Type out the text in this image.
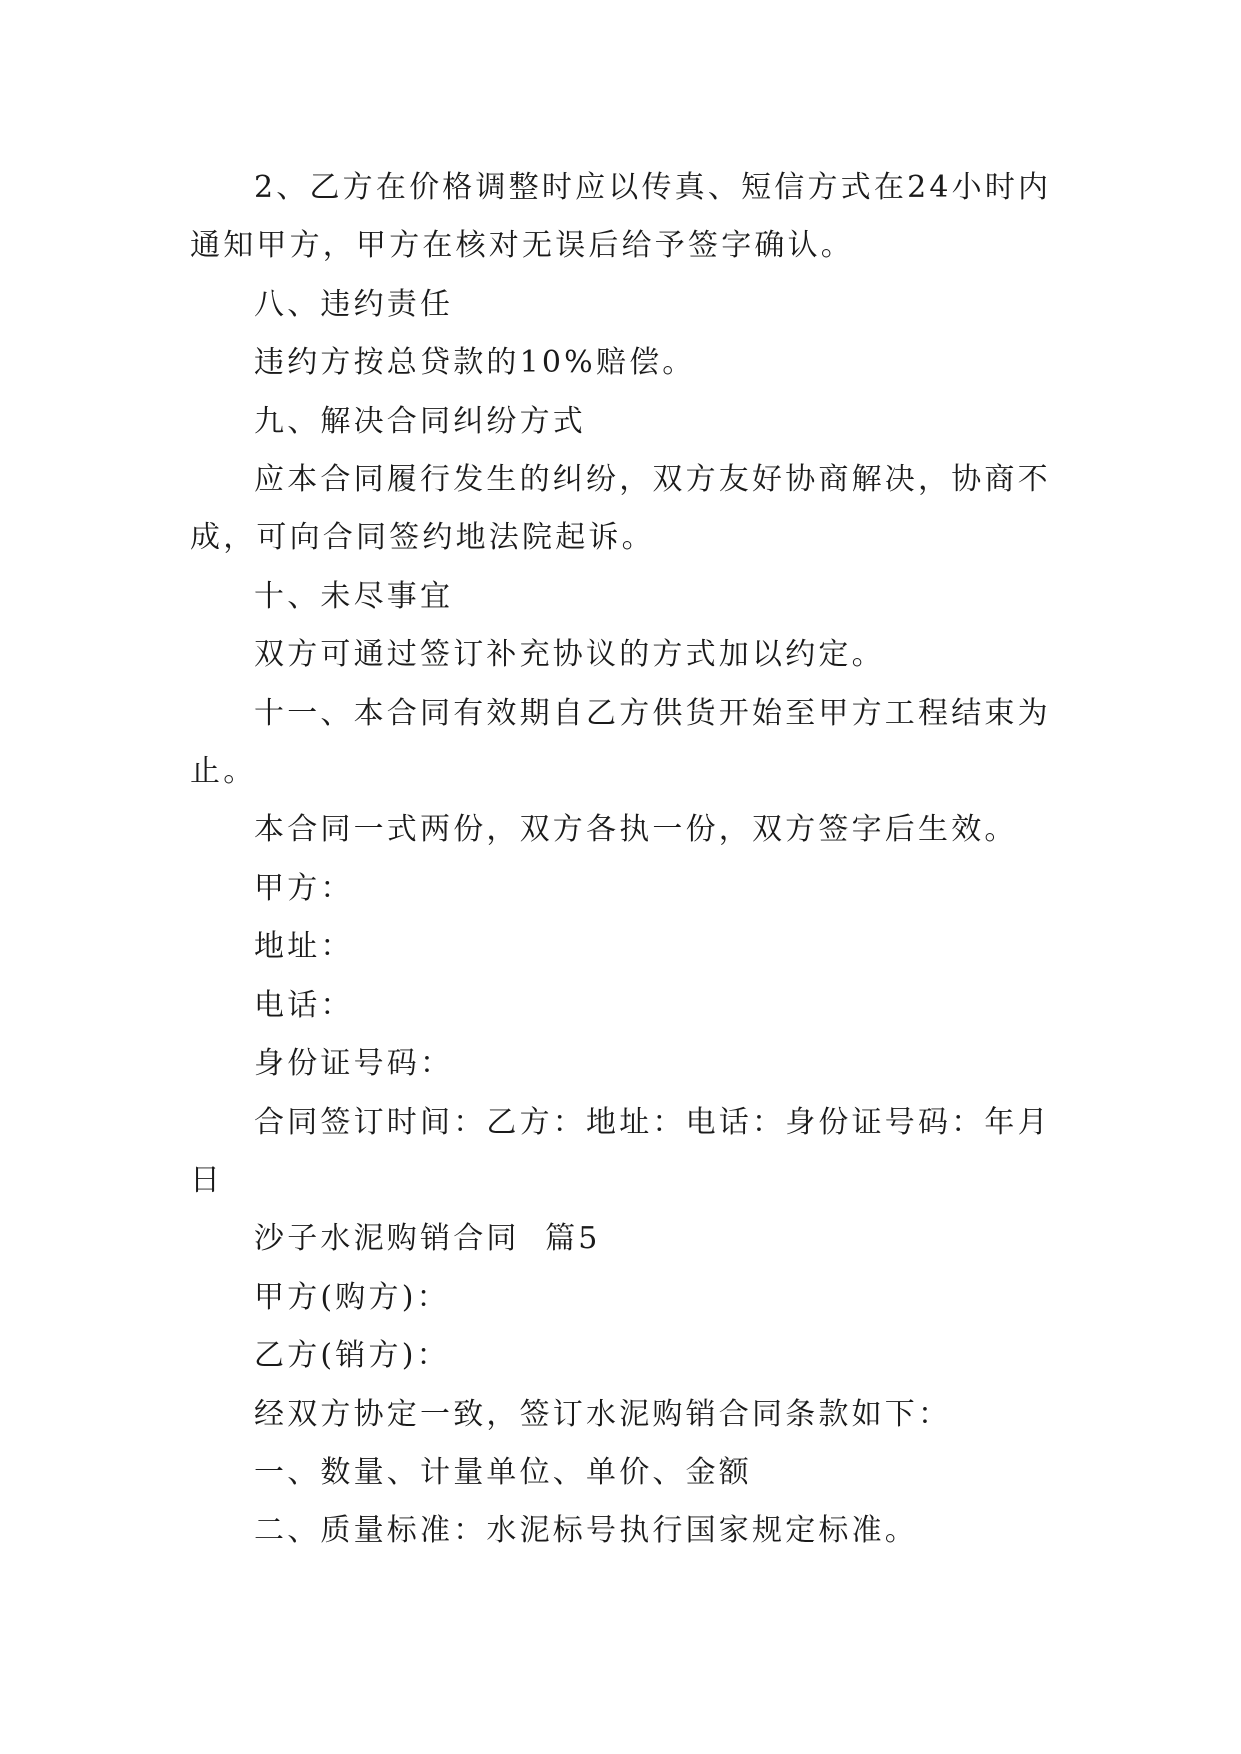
2、乙方在价格调整时应以传真、短信方式在24小时内通知甲方，甲方在核对无误后给予签字确认。

八、违约责任

违约方按总贷款的10%赔偿。

九、解决合同纠纷方式

应本合同履行发生的纠纷，双方友好协商解决，协商不成，可向合同签约地法院起诉。

十、未尽事宜

双方可通过签订补充协议的方式加以约定。

十一、本合同有效期自乙方供货开始至甲方工程结束为止。

本合同一式两份，双方各执一份，双方签字后生效。

甲方：

地址：

电话：

身份证号码：

合同签订时间：乙方：地址：电话：身份证号码：年月日

沙子水泥购销合同  篇5

甲方(购方)：

乙方(销方)：

经双方协定一致，签订水泥购销合同条款如下：

一、数量、计量单位、单价、金额

二、质量标准：水泥标号执行国家规定标准。
